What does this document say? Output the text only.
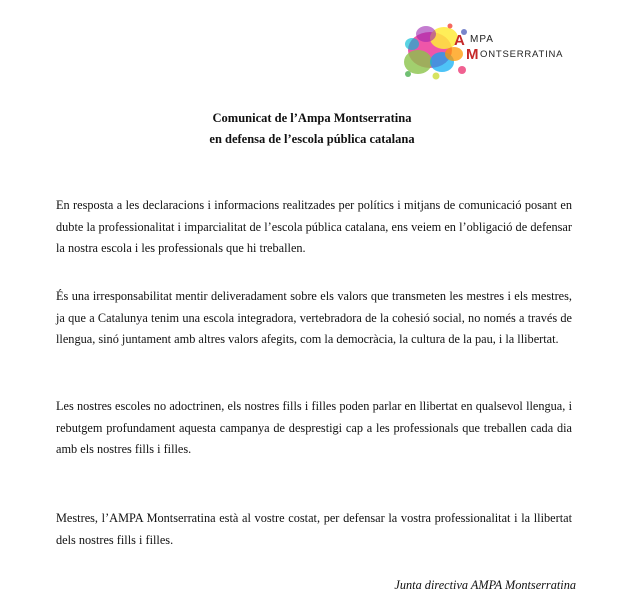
A MPA
M ONTSERRATINA
Comunicat de l’Ampa Montserratina
en defensa de l’escola pública catalana

En resposta a les declaracions i informacions realitzades per polítics i mitjans de comunicació posant en dubte la professionalitat i imparcialitat de l’escola pública catalana, ens veiem en l’obligació de defensar la nostra escola i les professionals que hi treballen.

És una irresponsabilitat mentir deliveradament sobre els valors que transmeten les mestres i els mestres, ja que a Catalunya tenim una escola integradora, vertebradora de la cohesió social, no només a través de llengua, sinó juntament amb altres valors afegits, com la democràcia, la cultura de la pau, i la llibertat.

Les nostres escoles no adoctrinen, els nostres fills i filles poden parlar en llibertat en qualsevol llengua, i rebutgem profundament aquesta campanya de desprestigi cap a les professionals que treballen cada dia amb els nostres fills i filles.

Mestres, l’AMPA Montserratina està al vostre costat, per defensar la vostra professionalitat i la llibertat dels nostres fills i filles.

Junta directiva AMPA Montserratina
